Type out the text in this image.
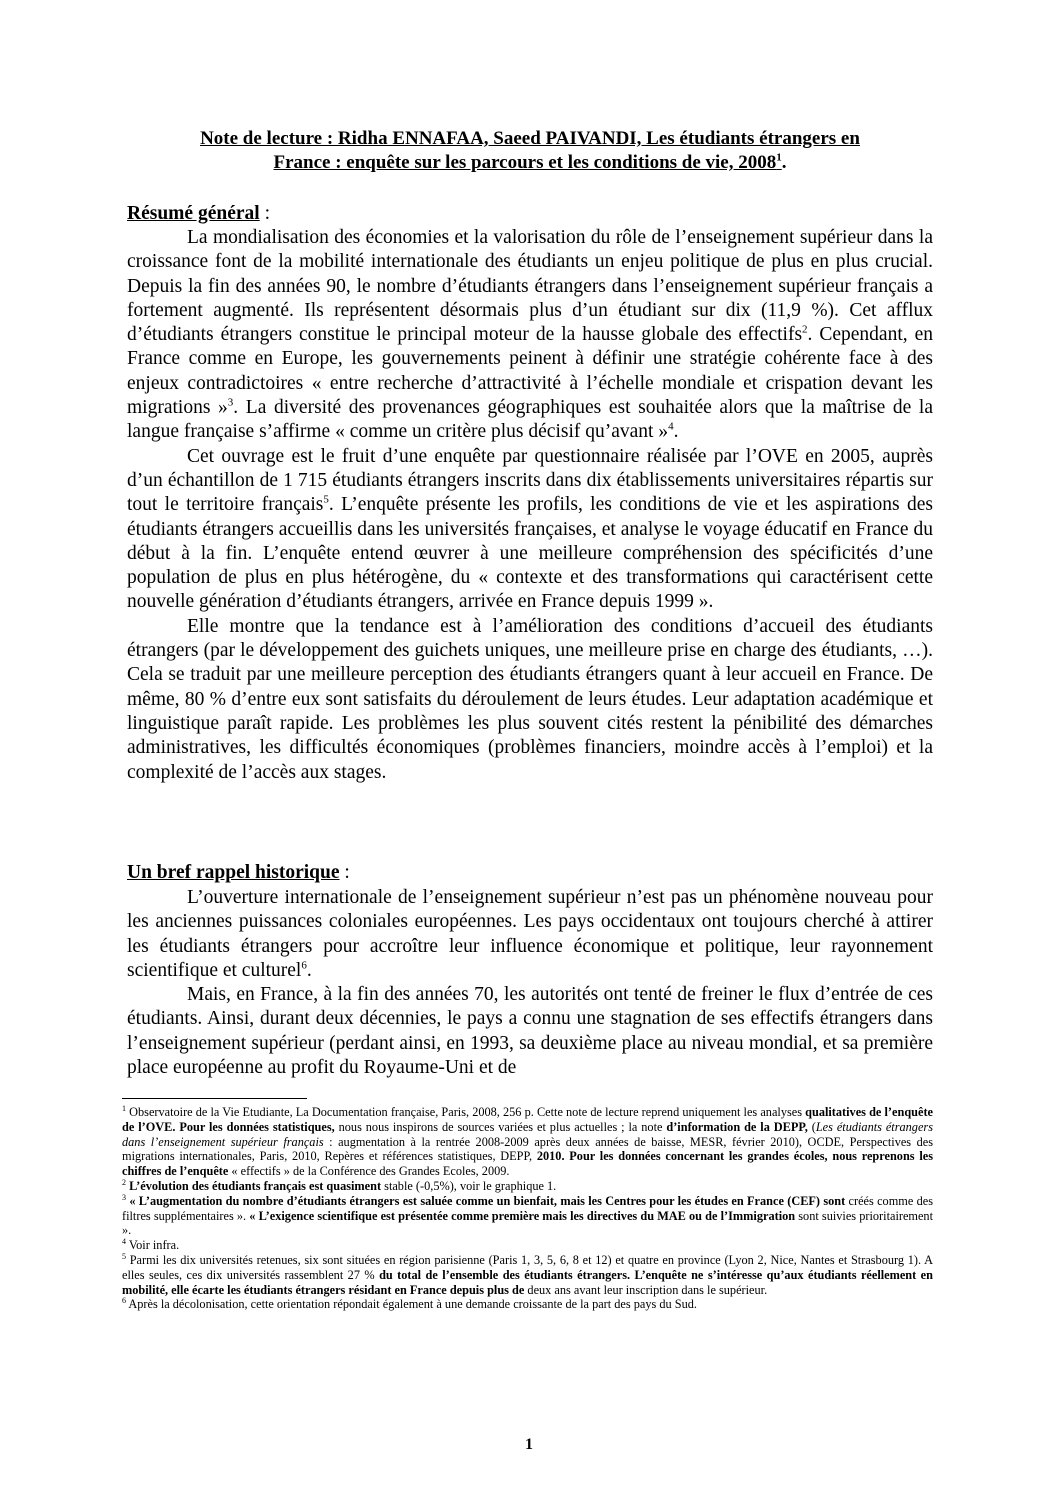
Note de lecture : Ridha ENNAFAA, Saeed PAIVANDI, Les étudiants étrangers en
France : enquête sur les parcours et les conditions de vie, 2008$^1$.
Résumé général :

La mondialisation des économies et la valorisation du rôle de l’enseignement supérieur dans la croissance font de la mobilité internationale des étudiants un enjeu politique de plus en plus crucial. Depuis la fin des années 90, le nombre d’étudiants étrangers dans l’enseignement supérieur français a fortement augmenté. Ils représentent désormais plus d’un étudiant sur dix (11,9 %). Cet afflux d’étudiants étrangers constitue le principal moteur de la hausse globale des effectifs$^2$. Cependant, en France comme en Europe, les gouvernements peinent à définir une stratégie cohérente face à des enjeux contradictoires « entre recherche d’attractivité à l’échelle mondiale et crispation devant les migrations »$^3$. La diversité des provenances géographiques est souhaitée alors que la maîtrise de la langue française s’affirme « comme un critère plus décisif qu’avant »$^4$.

Cet ouvrage est le fruit d’une enquête par questionnaire réalisée par l’OVE en 2005, auprès d’un échantillon de 1 715 étudiants étrangers inscrits dans dix établissements universitaires répartis sur tout le territoire français$^5$. L’enquête présente les profils, les conditions de vie et les aspirations des étudiants étrangers accueillis dans les universités françaises, et analyse le voyage éducatif en France du début à la fin. L’enquête entend œuvrer à une meilleure compréhension des spécificités d’une population de plus en plus hétérogène, du « contexte et des transformations qui caractérisent cette nouvelle génération d’étudiants étrangers, arrivée en France depuis 1999 ».

Elle montre que la tendance est à l’amélioration des conditions d’accueil des étudiants étrangers (par le développement des guichets uniques, une meilleure prise en charge des étudiants, …). Cela se traduit par une meilleure perception des étudiants étrangers quant à leur accueil en France. De même, 80 % d’entre eux sont satisfaits du déroulement de leurs études. Leur adaptation académique et linguistique paraît rapide. Les problèmes les plus souvent cités restent la pénibilité des démarches administratives, les difficultés économiques (problèmes financiers, moindre accès à l’emploi) et la complexité de l’accès aux stages.

Un bref rappel historique :

L’ouverture internationale de l’enseignement supérieur n’est pas un phénomène nouveau pour les anciennes puissances coloniales européennes. Les pays occidentaux ont toujours cherché à attirer les étudiants étrangers pour accroître leur influence économique et politique, leur rayonnement scientifique et culturel$^6$.

Mais, en France, à la fin des années 70, les autorités ont tenté de freiner le flux d’entrée de ces étudiants. Ainsi, durant deux décennies, le pays a connu une stagnation de ses effectifs étrangers dans l’enseignement supérieur (perdant ainsi, en 1993, sa deuxième place au niveau mondial, et sa première place européenne au profit du Royaume-Uni et de

$^1$ Observatoire de la Vie Etudiante, La Documentation française, Paris, 2008, 256 p. Cette note de lecture reprend uniquement les analyses qualitatives de l’enquête de l’OVE. Pour les données statistiques, nous nous inspirons de sources variées et plus actuelles ; la note d’information de la DEPP, (Les étudiants étrangers dans l’enseignement supérieur français : augmentation à la rentrée 2008-2009 après deux années de baisse, MESR, février 2010), OCDE, Perspectives des migrations internationales, Paris, 2010, Repères et références statistiques, DEPP, 2010. Pour les données concernant les grandes écoles, nous reprenons les chiffres de l’enquête « effectifs » de la Conférence des Grandes Ecoles, 2009.

$^2$ L’évolution des étudiants français est quasiment stable (-0,5%), voir le graphique 1.

$^3$ « L’augmentation du nombre d’étudiants étrangers est saluée comme un bienfait, mais les Centres pour les études en France (CEF) sont créés comme des filtres supplémentaires ». « L’exigence scientifique est présentée comme première mais les directives du MAE ou de l’Immigration sont suivies prioritairement ».

$^4$ Voir infra.

$^5$ Parmi les dix universités retenues, six sont situées en région parisienne (Paris 1, 3, 5, 6, 8 et 12) et quatre en province (Lyon 2, Nice, Nantes et Strasbourg 1). A elles seules, ces dix universités rassemblent 27 % du total de l’ensemble des étudiants étrangers. L’enquête ne s’intéresse qu’aux étudiants réellement en mobilité, elle écarte les étudiants étrangers résidant en France depuis plus de deux ans avant leur inscription dans le supérieur.

$^6$ Après la décolonisation, cette orientation répondait également à une demande croissante de la part des pays du Sud.

1
